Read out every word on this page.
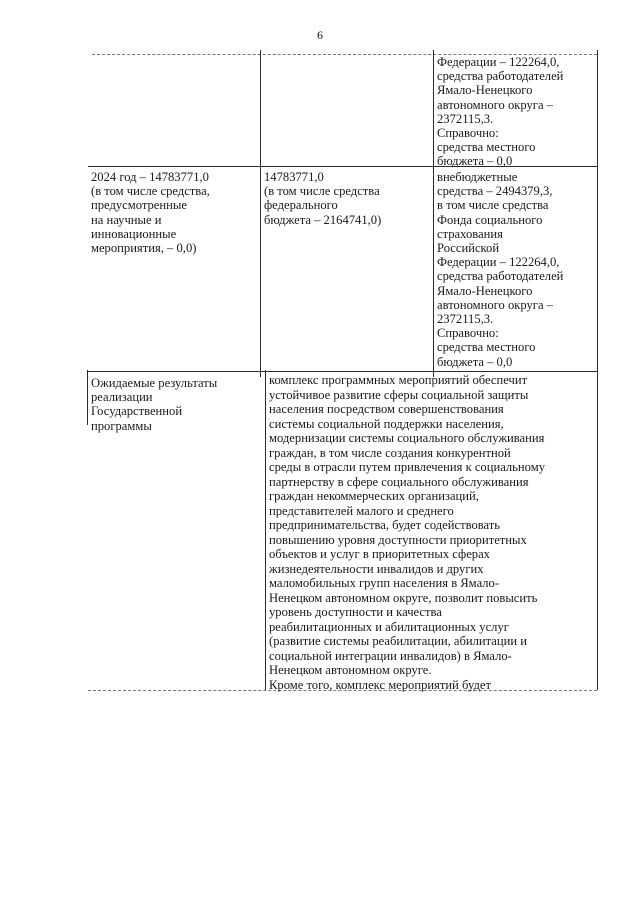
6
Федерации – 122264,0,
средства работодателей
Ямало-Ненецкого
автономного округа –
2372115,3.
Справочно:
средства местного
бюджета – 0,0
2024 год – 14783771,0
(в том числе средства,
предусмотренные
на научные и
инновационные
мероприятия, – 0,0)
14783771,0
(в том числе средства
федерального
бюджета – 2164741,0)
внебюджетные
средства – 2494379,3,
в том числе средства
Фонда социального
страхования
Российской
Федерации – 122264,0,
средства работодателей
Ямало-Ненецкого
автономного округа –
2372115,3.
Справочно:
средства местного
бюджета – 0,0
Ожидаемые результаты
реализации
Государственной
программы
комплекс программных мероприятий обеспечит
устойчивое развитие сферы социальной защиты
населения посредством совершенствования
системы социальной поддержки населения,
модернизации системы социального обслуживания
граждан, в том числе создания конкурентной
среды в отрасли путем привлечения к социальному
партнерству в сфере социального обслуживания
граждан некоммерческих организаций,
представителей малого и среднего
предпринимательства, будет содействовать
повышению уровня доступности приоритетных
объектов и услуг в приоритетных сферах
жизнедеятельности инвалидов и других
маломобильных групп населения в Ямало-
Ненецком автономном округе, позволит повысить
уровень доступности и качества
реабилитационных и абилитационных услуг
(развитие системы реабилитации, абилитации и
социальной интеграции инвалидов) в Ямало-
Ненецком автономном округе.
Кроме того, комплекс мероприятий будет
